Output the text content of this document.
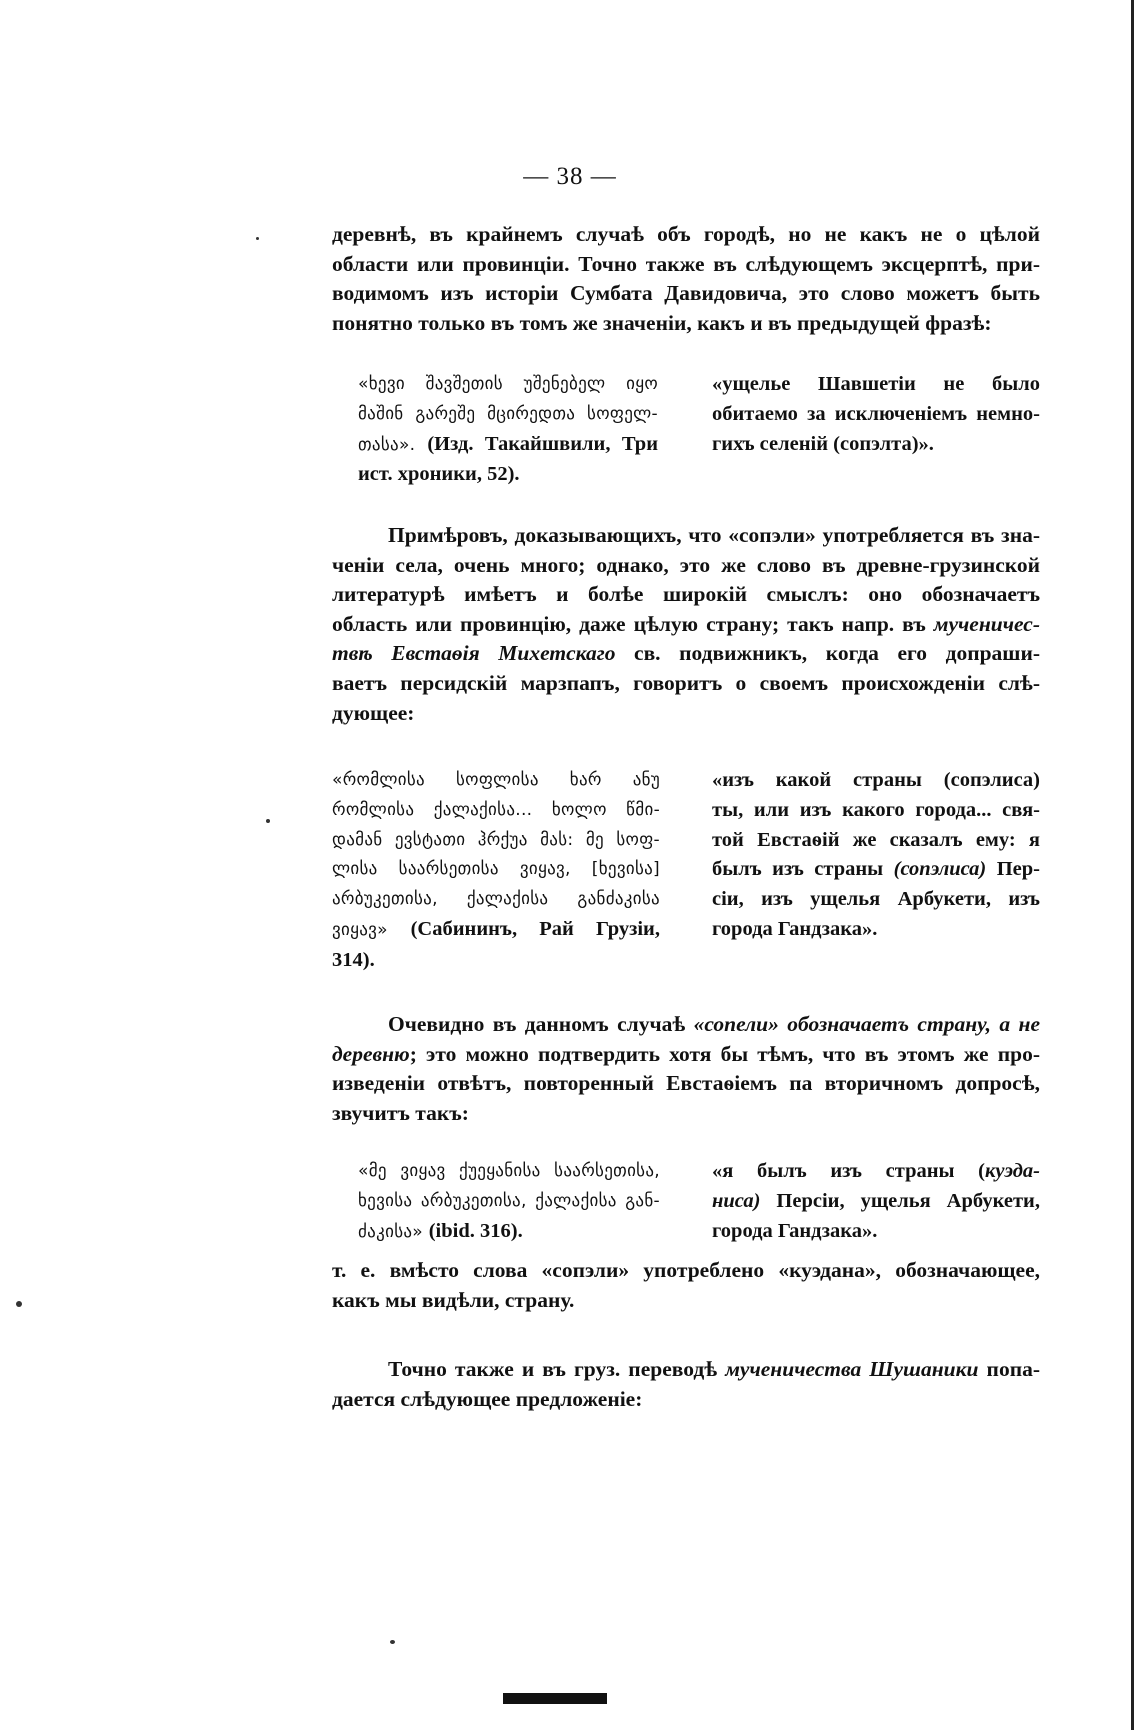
— 38 —
деревнѣ, въ крайнемъ случаѣ объ городѣ, но не какъ не о цѣлой
области или провинціи. Точно также въ слѣдующемъ эксцерптѣ, при-
водимомъ изъ исторіи Сумбата Давидовича, это слово можетъ быть
понятно только въ томъ же значеніи, какъ и въ предыдущей фразѣ:
«ხევი შავშეთის უშენებელ იყო
მაშინ გარეშე მცირედთა სოფელ-
თასა». (Изд. Такайшвили, Три
ист. хроники, 52).
«ущелье Шавшетіи не было
обитаемо за исключеніемъ немно-
гихъ селеній (сопэлта)».
Примѣровъ, доказывающихъ, что «сопэли» употребляется въ зна-
ченіи села, очень много; однако, это же слово въ древне-грузинской
литературѣ имѣетъ и болѣе широкій смыслъ: оно обозначаетъ
область или провинцію, даже цѣлую страну; такъ напр. въ мученичес-
твѣ Евстаѳія Михетскаго св. подвижникъ, когда его допраши-
ваетъ персидскій марзпапъ, говоритъ о своемъ происхожденіи слѣ-
дующее:
«რომლისა სოფლისა ხარ ანუ
რომლისა ქალაქისა... ხოლო წმი-
დამან ევსტათი ჰრქუა მას: მე სოფ-
ლისა საარსეთისა ვიყავ, [ხევისა]
არბუკეთისა, ქალაქისა განძაკისა
ვიყავ» (Сабининъ, Рай Грузіи,
314).
«изъ какой страны (сопэлиса)
ты, или изъ какого города... свя-
той Евстаѳій же сказалъ ему: я
былъ изъ страны (сопэлиса) Пер-
сіи, изъ ущелья Арбукети, изъ
города Гандзака».
Очевидно въ данномъ случаѣ «сопели» обозначаетъ страну, а не
деревню; это можно подтвердить хотя бы тѣмъ, что въ этомъ же про-
изведеніи отвѣтъ, повторенный Евстаѳіемъ па вторичномъ допросѣ,
звучитъ такъ:
«მე ვიყავ ქუეყანისა საარსეთისა,
ხევისა არბუკეთისა, ქალაქისა გან-
ძაკისა» (ibid. 316).
«я былъ изъ страны (куэда-
ниса) Персіи, ущелья Арбукети,
города Гандзака».
т. е. вмѣсто слова «сопэли» употреблено «куэдана», обозначающее,
какъ мы видѣли, страну.
Точно также и въ груз. переводѣ мученичества Шушаники попа-
дается слѣдующее предложеніе:
